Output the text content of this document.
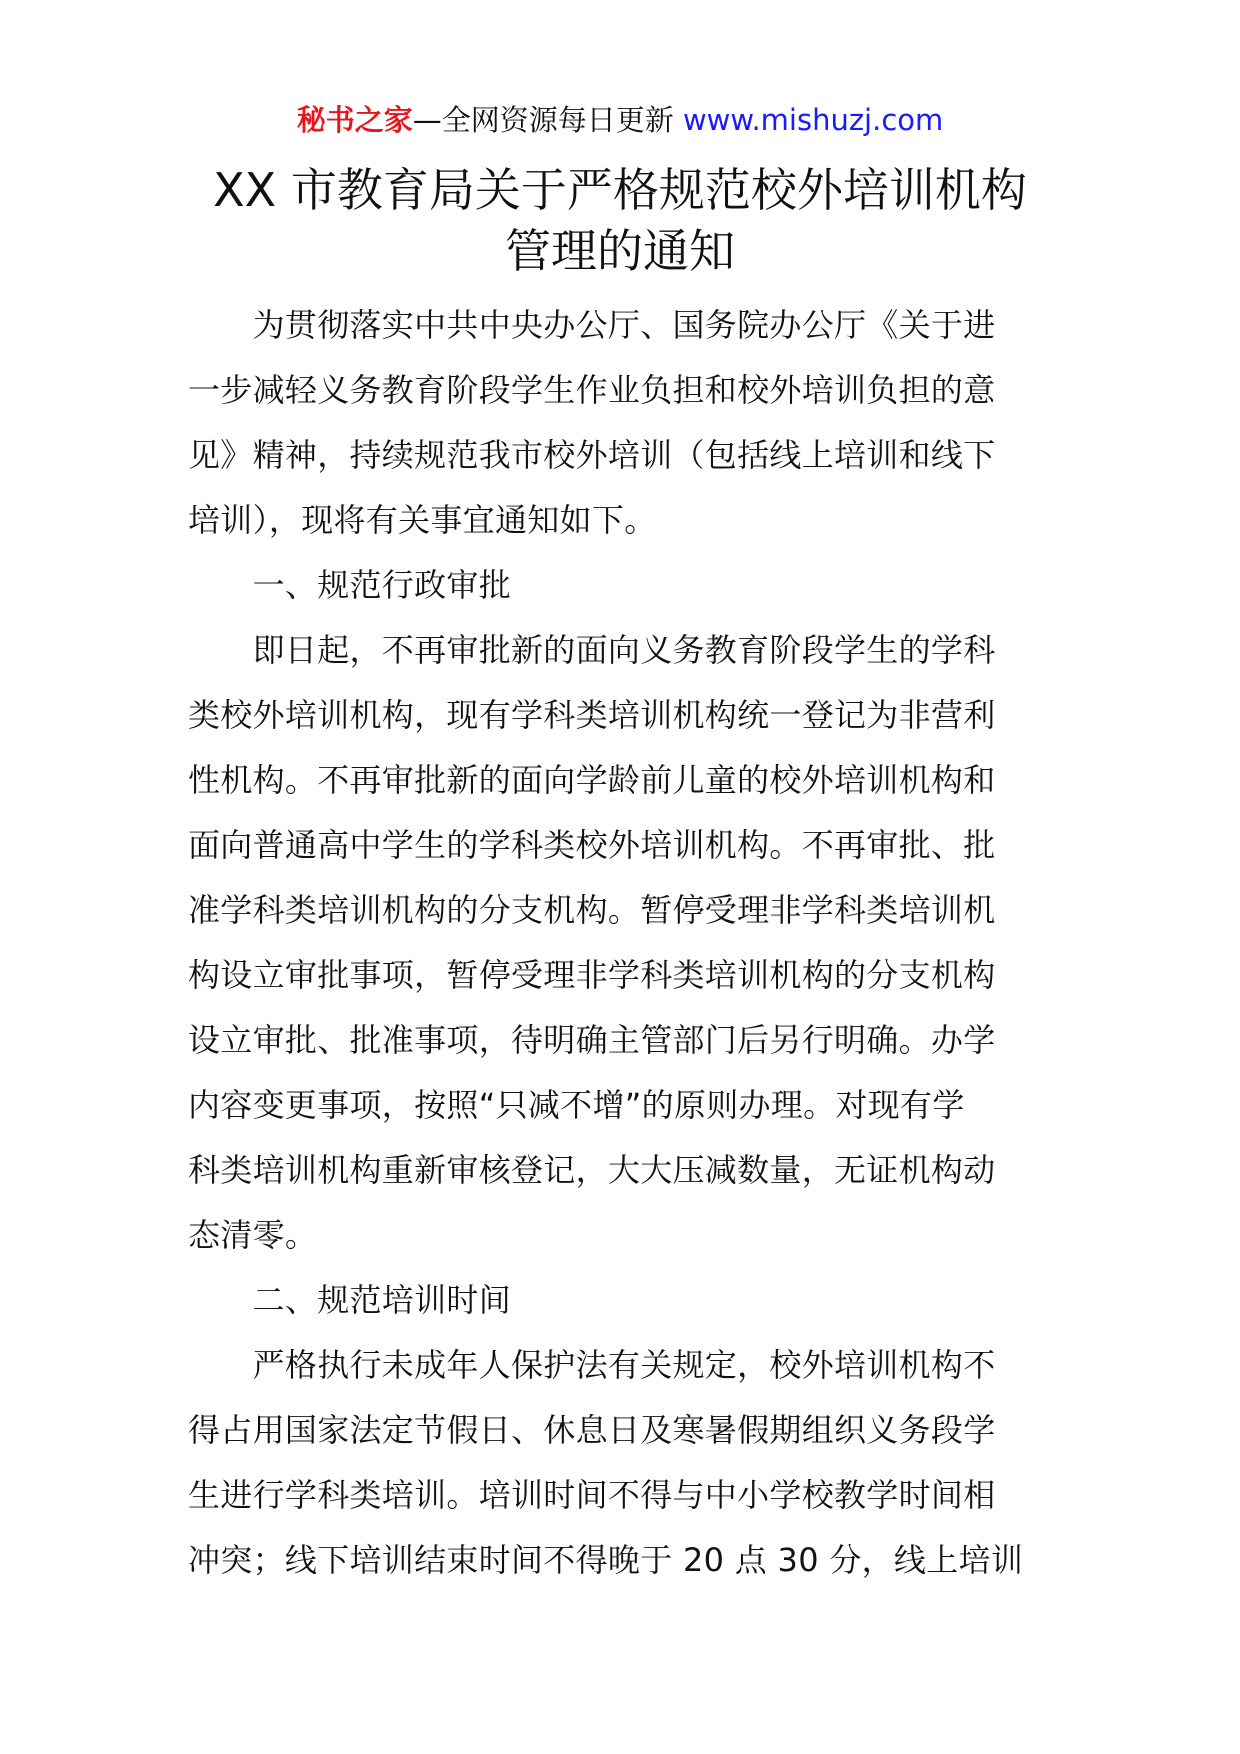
秘书之家—全网资源每日更新 www.mishuzj.com
XX 市教育局关于严格规范校外培训机构
管理的通知
　　为贯彻落实中共中央办公厅、国务院办公厅《关于进
一步减轻义务教育阶段学生作业负担和校外培训负担的意
见》精神，持续规范我市校外培训（包括线上培训和线下
培训），现将有关事宜通知如下。
　　一、规范行政审批
　　即日起，不再审批新的面向义务教育阶段学生的学科
类校外培训机构，现有学科类培训机构统一登记为非营利
性机构。不再审批新的面向学龄前儿童的校外培训机构和
面向普通高中学生的学科类校外培训机构。不再审批、批
准学科类培训机构的分支机构。暂停受理非学科类培训机
构设立审批事项，暂停受理非学科类培训机构的分支机构
设立审批、批准事项，待明确主管部门后另行明确。办学
内容变更事项，按照“只减不增”的原则办理。对现有学
科类培训机构重新审核登记，大大压减数量，无证机构动
态清零。
　　二、规范培训时间
　　严格执行未成年人保护法有关规定，校外培训机构不
得占用国家法定节假日、休息日及寒暑假期组织义务段学
生进行学科类培训。培训时间不得与中小学校教学时间相
冲突；线下培训结束时间不得晚于 20 点 30 分，线上培训
